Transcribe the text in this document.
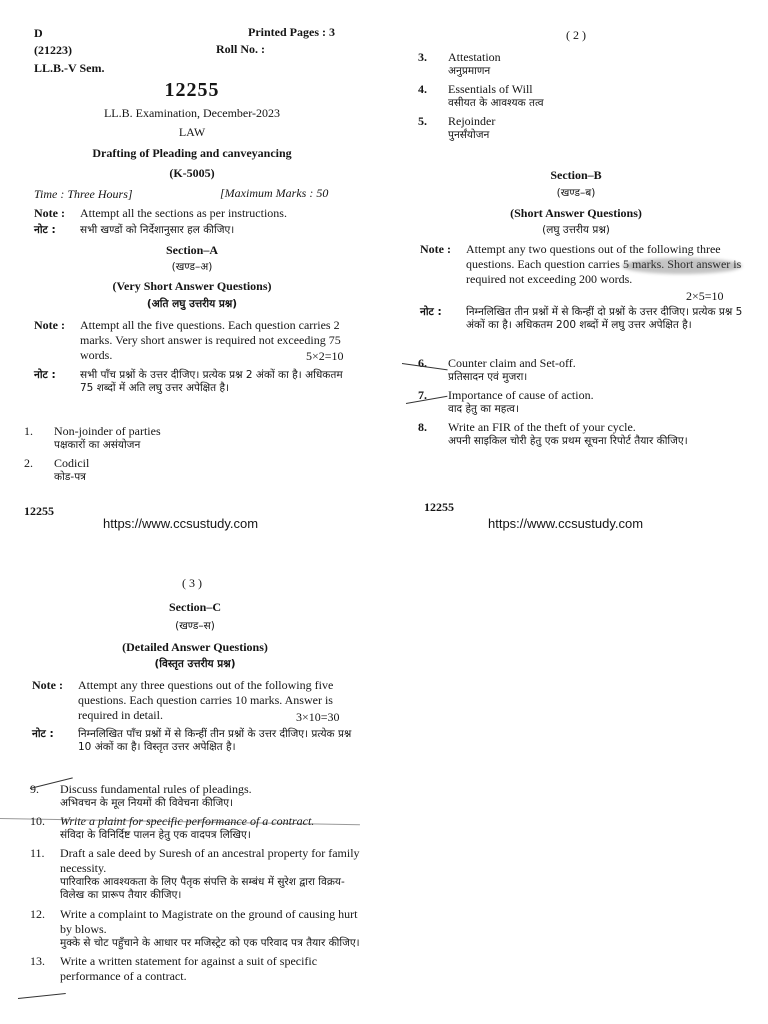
D	Printed Pages : 3
(21223)	Roll No. :
LL.B.-V Sem.
12255
LL.B. Examination, December-2023
LAW
Drafting of Pleading and canveyancing
(K-5005)
Time : Three Hours]	[Maximum Marks : 50
Note :	Attempt all the sections as per instructions.
नोट :	सभी खण्डों को निर्देशानुसार हल कीजिए।
Section–A
(खण्ड–अ)
(Very Short Answer Questions)
(अति लघु उत्तरीय प्रश्न)
Note :	Attempt all the five questions. Each question carries 2 marks. Very short answer is required not exceeding 75 words.	5×2=10
नोट :	सभी पाँच प्रश्नों के उत्तर दीजिए। प्रत्येक प्रश्न 2 अंकों का है। अधिकतम 75 शब्दों में अति लघु उत्तर अपेक्षित है।
1.	Non-joinder of parties
पक्षकारों का असंयोजन
2.	Codicil
कोड-पत्र
12255
https://www.ccsustudy.com
( 2 )
3.	Attestation
अनुप्रमाणन
4.	Essentials of Will
वसीयत के आवश्यक तत्व
5.	Rejoinder
पुनर्संयोजन
Section–B
(खण्ड–ब)
(Short Answer Questions)
(लघु उत्तरीय प्रश्न)
Note :	Attempt any two questions out of the following three questions. Each question carries 5 marks. Short answer is required not exceeding 200 words.
2×5=10
नोट :	निम्नलिखित तीन प्रश्नों में से किन्हीं दो प्रश्नों के उत्तर दीजिए। प्रत्येक प्रश्न 5 अंकों का है। अधिकतम 200 शब्दों में लघु उत्तर अपेक्षित है।
6.	Counter claim and Set-off.
प्रतिसादन एवं मुजरा।
7.	Importance of cause of action.
वाद हेतु का महत्व।
8.	Write an FIR of the theft of your cycle.
अपनी साइकिल चोरी हेतु एक प्रथम सूचना रिपोर्ट तैयार कीजिए।
12255
https://www.ccsustudy.com
( 3 )
Section–C
(खण्ड–स)
(Detailed Answer Questions)
(विस्तृत उत्तरीय प्रश्न)
Note :	Attempt any three questions out of the following five questions. Each question carries 10 marks. Answer is required in detail.	3×10=30
नोट :	निम्नलिखित पाँच प्रश्नों में से किन्हीं तीन प्रश्नों के उत्तर दीजिए। प्रत्येक प्रश्न 10 अंकों का है। विस्तृत उत्तर अपेक्षित है।
9.	Discuss fundamental rules of pleadings.
अभिवचन के मूल नियमों की विवेचना कीजिए।
10.	Write a plaint for specific performance of a contract.
संविदा के विनिर्दिष्ट पालन हेतु एक वादपत्र लिखिए।
11.	Draft a sale deed by Suresh of an ancestral property for family necessity.
पारिवारिक आवश्यकता के लिए पैतृक संपत्ति के सम्बंध में सुरेश द्वारा विक्रय-विलेख का प्रारूप तैयार कीजिए।
12.	Write a complaint to Magistrate on the ground of causing hurt by blows.
मुक्के से चोट पहुँचाने के आधार पर मजिस्ट्रेट को एक परिवाद पत्र तैयार कीजिए।
13.	Write a written statement for against a suit of specific performance of a contract.
